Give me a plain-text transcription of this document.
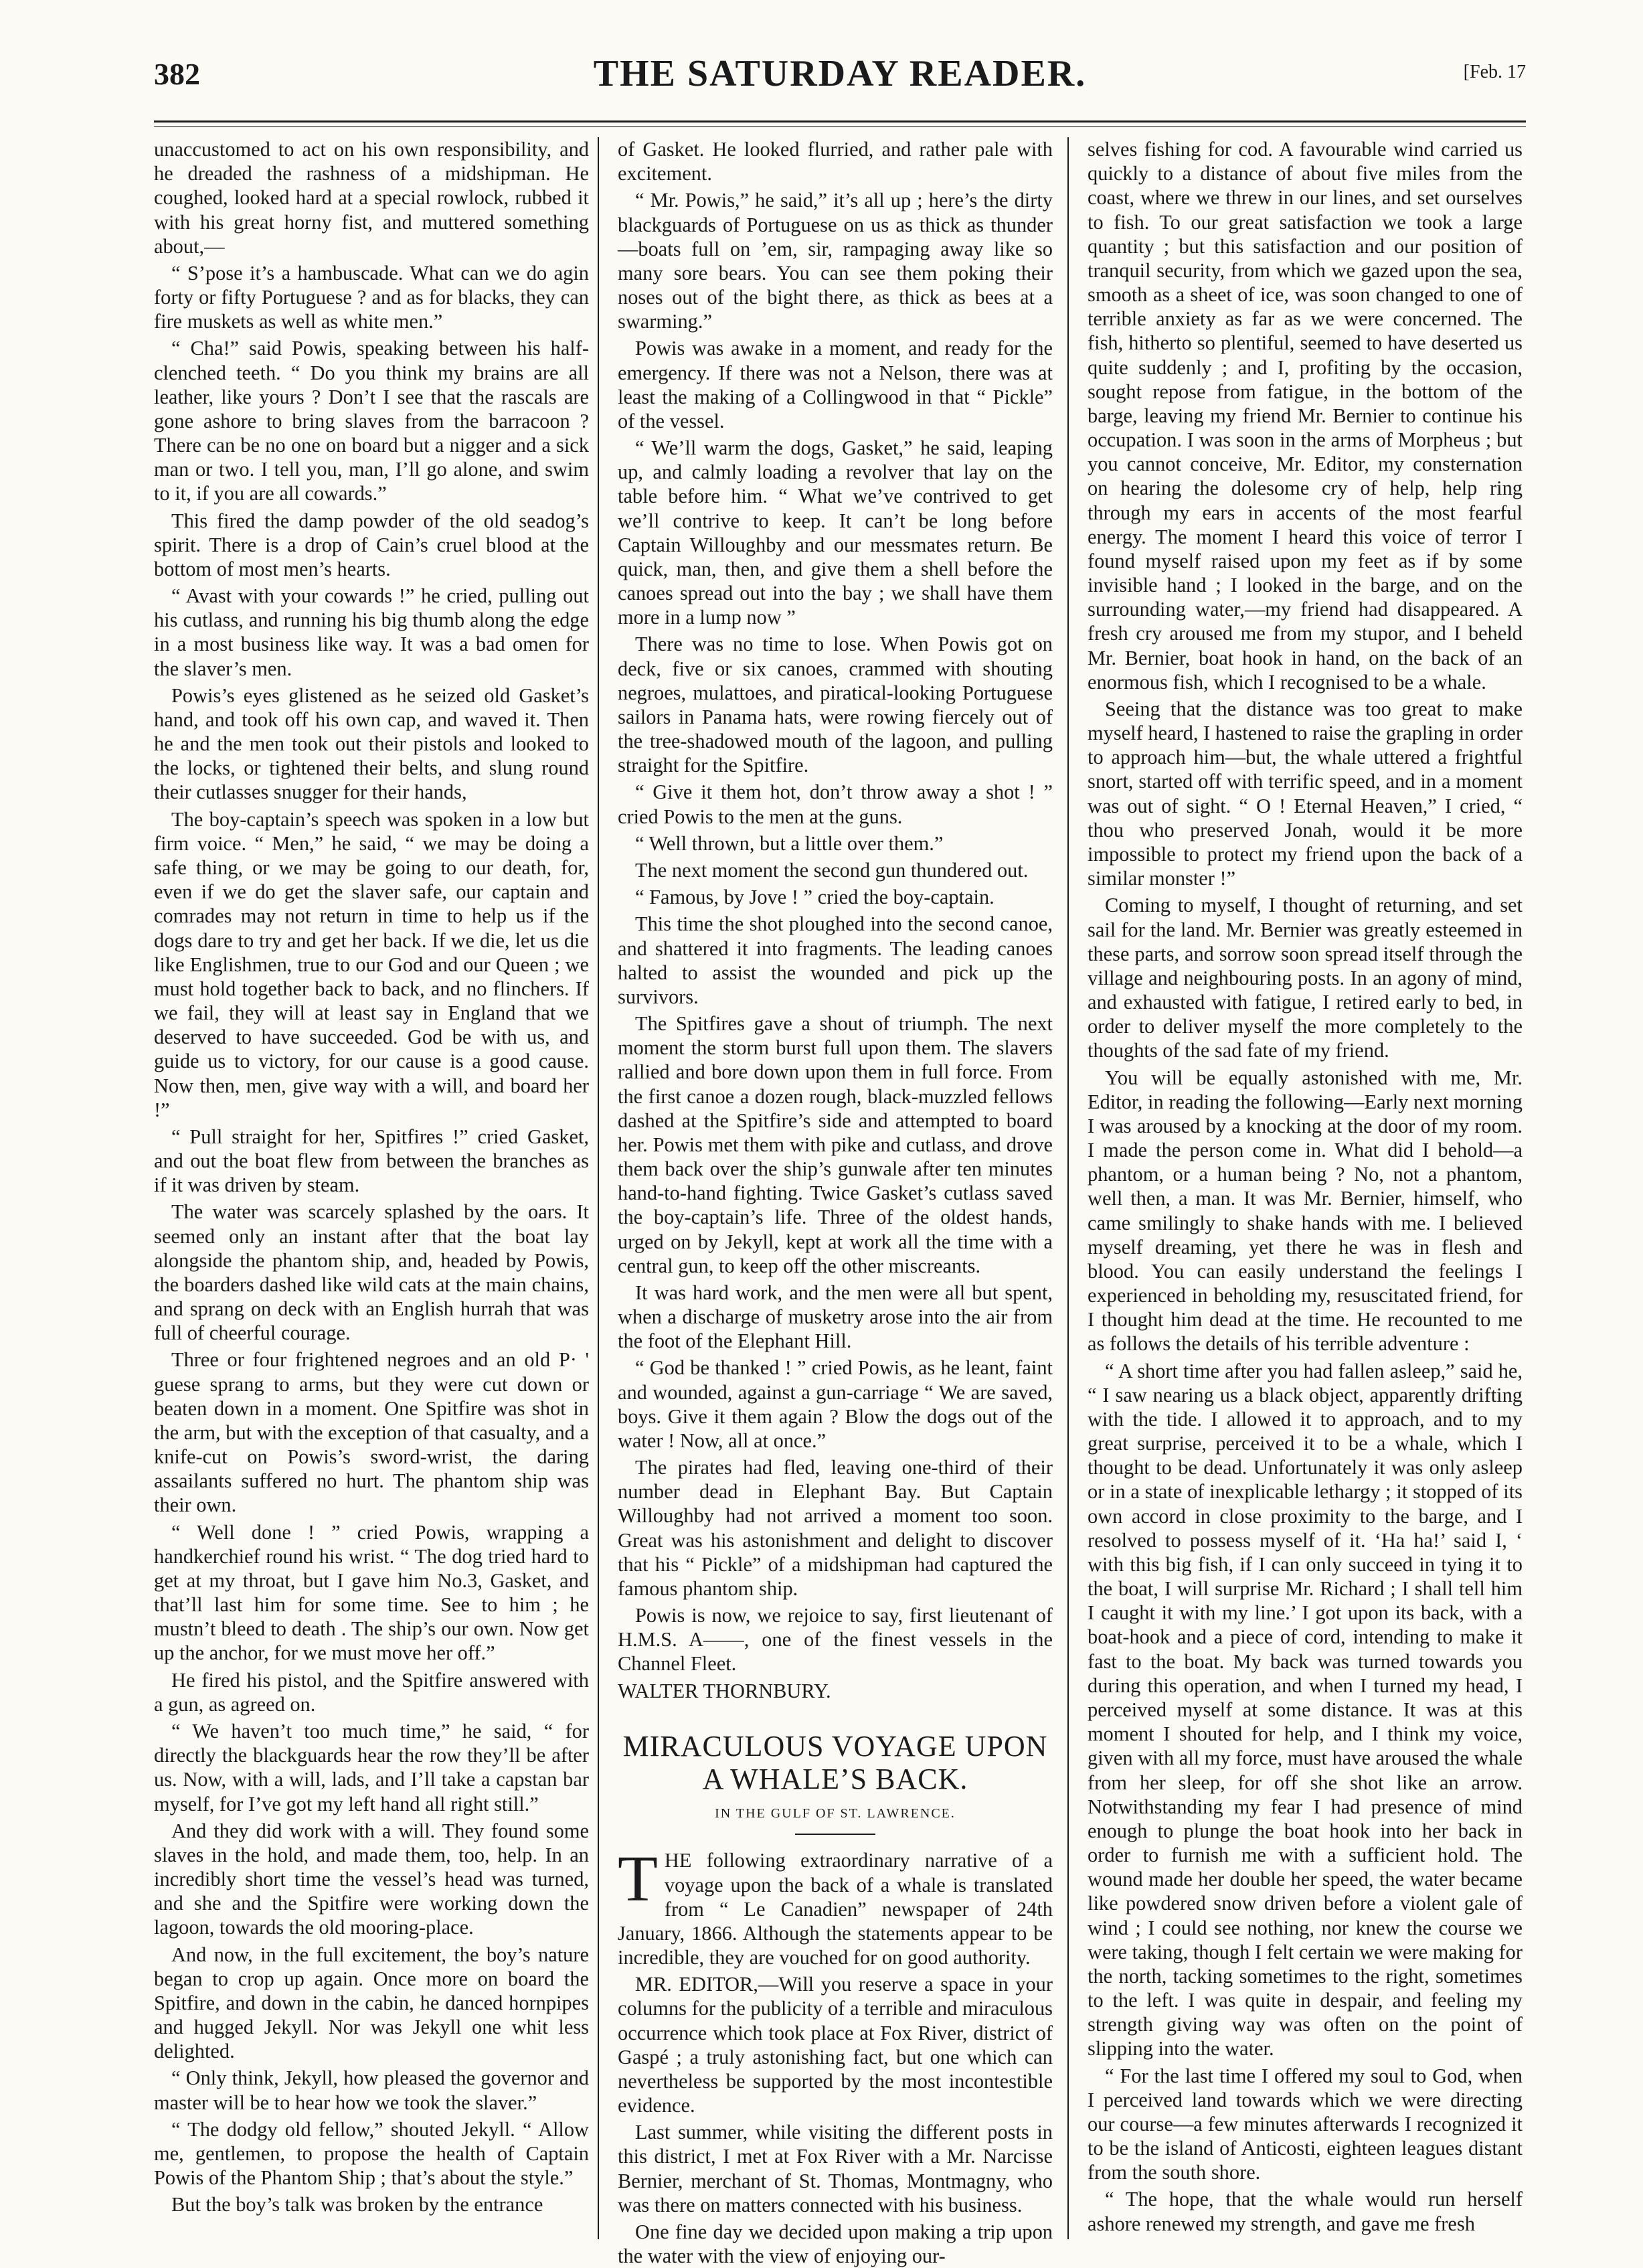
382	THE SATURDAY READER.	[Feb. 17

unaccustomed to act on his own responsibility, and he dreaded the rashness of a midshipman. He coughed, looked hard at a special rowlock, rubbed it with his great horny fist, and muttered something about,—

“ S’pose it’s a hambuscade. What can we do agin forty or fifty Portuguese ? and as for blacks, they can fire muskets as well as white men.”

“ Cha!” said Powis, speaking between his half-clenched teeth. “ Do you think my brains are all leather, like yours ? Don’t I see that the rascals are gone ashore to bring slaves from the barracoon ? There can be no one on board but a nigger and a sick man or two. I tell you, man, I’ll go alone, and swim to it, if you are all cowards.”

This fired the damp powder of the old seadog’s spirit. There is a drop of Cain’s cruel blood at the bottom of most men’s hearts.

“ Avast with your cowards !” he cried, pulling out his cutlass, and running his big thumb along the edge in a most business like way. It was a bad omen for the slaver’s men.

Powis’s eyes glistened as he seized old Gasket’s hand, and took off his own cap, and waved it. Then he and the men took out their pistols and looked to the locks, or tightened their belts, and slung round their cutlasses snugger for their hands,

The boy-captain’s speech was spoken in a low but firm voice. “ Men,” he said, “ we may be doing a safe thing, or we may be going to our death, for, even if we do get the slaver safe, our captain and comrades may not return in time to help us if the dogs dare to try and get her back. If we die, let us die like Englishmen, true to our God and our Queen ; we must hold together back to back, and no flinchers. If we fail, they will at least say in England that we deserved to have succeeded. God be with us, and guide us to victory, for our cause is a good cause. Now then, men, give way with a will, and board her !”

“ Pull straight for her, Spitfires !” cried Gasket, and out the boat flew from between the branches as if it was driven by steam.

The water was scarcely splashed by the oars. It seemed only an instant after that the boat lay alongside the phantom ship, and, headed by Powis, the boarders dashed like wild cats at the main chains, and sprang on deck with an English hurrah that was full of cheerful courage.

Three or four frightened negroes and an old P· ' guese sprang to arms, but they were cut down or beaten down in a moment. One Spitfire was shot in the arm, but with the exception of that casualty, and a knife-cut on Powis’s sword-wrist, the daring assailants suffered no hurt. The phantom ship was their own.

“ Well done ! ” cried Powis, wrapping a handkerchief round his wrist. “ The dog tried hard to get at my throat, but I gave him No.3, Gasket, and that’ll last him for some time. See to him ; he mustn’t bleed to death . The ship’s our own. Now get up the anchor, for we must move her off.”

He fired his pistol, and the Spitfire answered with a gun, as agreed on.

“ We haven’t too much time,” he said, “ for directly the blackguards hear the row they’ll be after us. Now, with a will, lads, and I’ll take a capstan bar myself, for I’ve got my left hand all right still.”

And they did work with a will. They found some slaves in the hold, and made them, too, help. In an incredibly short time the vessel’s head was turned, and she and the Spitfire were working down the lagoon, towards the old mooring-place.

And now, in the full excitement, the boy’s nature began to crop up again. Once more on board the Spitfire, and down in the cabin, he danced hornpipes and hugged Jekyll. Nor was Jekyll one whit less delighted.

“ Only think, Jekyll, how pleased the governor and master will be to hear how we took the slaver.”

“ The dodgy old fellow,” shouted Jekyll. “ Allow me, gentlemen, to propose the health of Captain Powis of the Phantom Ship ; that’s about the style.”

But the boy’s talk was broken by the entrance

of Gasket. He looked flurried, and rather pale with excitement.

“ Mr. Powis,” he said,” it’s all up ; here’s the dirty blackguards of Portuguese on us as thick as thunder—boats full on ’em, sir, rampaging away like so many sore bears. You can see them poking their noses out of the bight there, as thick as bees at a swarming.”

Powis was awake in a moment, and ready for the emergency. If there was not a Nelson, there was at least the making of a Collingwood in that “ Pickle” of the vessel.

“ We’ll warm the dogs, Gasket,” he said, leaping up, and calmly loading a revolver that lay on the table before him. “ What we’ve contrived to get we’ll contrive to keep. It can’t be long before Captain Willoughby and our messmates return. Be quick, man, then, and give them a shell before the canoes spread out into the bay ; we shall have them more in a lump now ”

There was no time to lose. When Powis got on deck, five or six canoes, crammed with shouting negroes, mulattoes, and piratical-looking Portuguese sailors in Panama hats, were rowing fiercely out of the tree-shadowed mouth of the lagoon, and pulling straight for the Spitfire.

“ Give it them hot, don’t throw away a shot ! ” cried Powis to the men at the guns.

“ Well thrown, but a little over them.”

The next moment the second gun thundered out.

“ Famous, by Jove ! ” cried the boy-captain.

This time the shot ploughed into the second canoe, and shattered it into fragments. The leading canoes halted to assist the wounded and pick up the survivors.

The Spitfires gave a shout of triumph. The next moment the storm burst full upon them. The slavers rallied and bore down upon them in full force. From the first canoe a dozen rough, black-muzzled fellows dashed at the Spitfire’s side and attempted to board her. Powis met them with pike and cutlass, and drove them back over the ship’s gunwale after ten minutes hand-to-hand fighting. Twice Gasket’s cutlass saved the boy-captain’s life. Three of the oldest hands, urged on by Jekyll, kept at work all the time with a central gun, to keep off the other miscreants.

It was hard work, and the men were all but spent, when a discharge of musketry arose into the air from the foot of the Elephant Hill.

“ God be thanked ! ” cried Powis, as he leant, faint and wounded, against a gun-carriage “ We are saved, boys. Give it them again ? Blow the dogs out of the water ! Now, all at once.”

The pirates had fled, leaving one-third of their number dead in Elephant Bay. But Captain Willoughby had not arrived a moment too soon. Great was his astonishment and delight to discover that his “ Pickle” of a midshipman had captured the famous phantom ship.

Powis is now, we rejoice to say, first lieutenant of H.M.S. A——, one of the finest vessels in the Channel Fleet.

WALTER THORNBURY.

MIRACULOUS VOYAGE UPON A WHALE’S BACK.
IN THE GULF OF ST. LAWRENCE.

THE following extraordinary narrative of a voyage upon the back of a whale is translated from “ Le Canadien” newspaper of 24th January, 1866. Although the statements appear to be incredible, they are vouched for on good authority.

MR. EDITOR,—Will you reserve a space in your columns for the publicity of a terrible and miraculous occurrence which took place at Fox River, district of Gaspé ; a truly astonishing fact, but one which can nevertheless be supported by the most incontestible evidence.

Last summer, while visiting the different posts in this district, I met at Fox River with a Mr. Narcisse Bernier, merchant of St. Thomas, Montmagny, who was there on matters connected with his business.

One fine day we decided upon making a trip upon the water with the view of enjoying our-

selves fishing for cod. A favourable wind carried us quickly to a distance of about five miles from the coast, where we threw in our lines, and set ourselves to fish. To our great satisfaction we took a large quantity ; but this satisfaction and our position of tranquil security, from which we gazed upon the sea, smooth as a sheet of ice, was soon changed to one of terrible anxiety as far as we were concerned. The fish, hitherto so plentiful, seemed to have deserted us quite suddenly ; and I, profiting by the occasion, sought repose from fatigue, in the bottom of the barge, leaving my friend Mr. Bernier to continue his occupation. I was soon in the arms of Morpheus ; but you cannot conceive, Mr. Editor, my consternation on hearing the dolesome cry of help, help ring through my ears in accents of the most fearful energy. The moment I heard this voice of terror I found myself raised upon my feet as if by some invisible hand ; I looked in the barge, and on the surrounding water,—my friend had disappeared. A fresh cry aroused me from my stupor, and I beheld Mr. Bernier, boat hook in hand, on the back of an enormous fish, which I recognised to be a whale.

Seeing that the distance was too great to make myself heard, I hastened to raise the grapling in order to approach him—but, the whale uttered a frightful snort, started off with terrific speed, and in a moment was out of sight. “ O ! Eternal Heaven,” I cried, “ thou who preserved Jonah, would it be more impossible to protect my friend upon the back of a similar monster !”

Coming to myself, I thought of returning, and set sail for the land. Mr. Bernier was greatly esteemed in these parts, and sorrow soon spread itself through the village and neighbouring posts. In an agony of mind, and exhausted with fatigue, I retired early to bed, in order to deliver myself the more completely to the thoughts of the sad fate of my friend.

You will be equally astonished with me, Mr. Editor, in reading the following—Early next morning I was aroused by a knocking at the door of my room. I made the person come in. What did I behold—a phantom, or a human being ? No, not a phantom, well then, a man. It was Mr. Bernier, himself, who came smilingly to shake hands with me. I believed myself dreaming, yet there he was in flesh and blood. You can easily understand the feelings I experienced in beholding my, resuscitated friend, for I thought him dead at the time. He recounted to me as follows the details of his terrible adventure :

“ A short time after you had fallen asleep,” said he, “ I saw nearing us a black object, apparently drifting with the tide. I allowed it to approach, and to my great surprise, perceived it to be a whale, which I thought to be dead. Unfortunately it was only asleep or in a state of inexplicable lethargy ; it stopped of its own accord in close proximity to the barge, and I resolved to possess myself of it. ‘Ha ha!’ said I, ‘ with this big fish, if I can only succeed in tying it to the boat, I will surprise Mr. Richard ; I shall tell him I caught it with my line.’ I got upon its back, with a boat-hook and a piece of cord, intending to make it fast to the boat. My back was turned towards you during this operation, and when I turned my head, I perceived myself at some distance. It was at this moment I shouted for help, and I think my voice, given with all my force, must have aroused the whale from her sleep, for off she shot like an arrow. Notwithstanding my fear I had presence of mind enough to plunge the boat hook into her back in order to furnish me with a sufficient hold. The wound made her double her speed, the water became like powdered snow driven before a violent gale of wind ; I could see nothing, nor knew the course we were taking, though I felt certain we were making for the north, tacking sometimes to the right, sometimes to the left. I was quite in despair, and feeling my strength giving way was often on the point of slipping into the water.

“ For the last time I offered my soul to God, when I perceived land towards which we were directing our course—a few minutes afterwards I recognized it to be the island of Anticosti, eighteen leagues distant from the south shore.

“ The hope, that the whale would run herself ashore renewed my strength, and gave me fresh
